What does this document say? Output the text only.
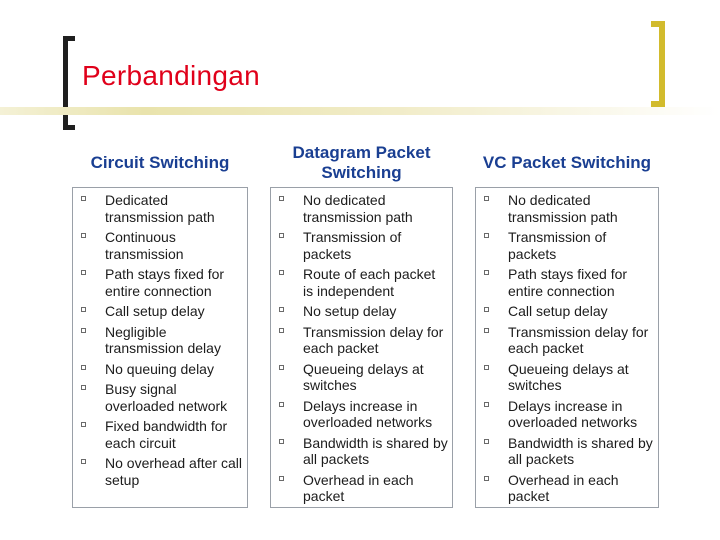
Perbandingan
Circuit Switching
Dedicated transmission path
Continuous transmission
Path stays fixed for entire connection
Call setup delay
Negligible transmission delay
No queuing delay
Busy signal overloaded network
Fixed bandwidth for each circuit
No overhead after call setup
Datagram Packet Switching
No dedicated transmission path
Transmission of packets
Route of each packet is independent
No setup delay
Transmission delay for each packet
Queueing delays at switches
Delays increase in overloaded networks
Bandwidth is shared by all packets
Overhead in each packet
VC Packet Switching
No dedicated transmission path
Transmission of packets
Path stays fixed for entire connection
Call setup delay
Transmission delay for each packet
Queueing delays at switches
Delays increase in overloaded networks
Bandwidth is shared by all packets
Overhead in each packet
